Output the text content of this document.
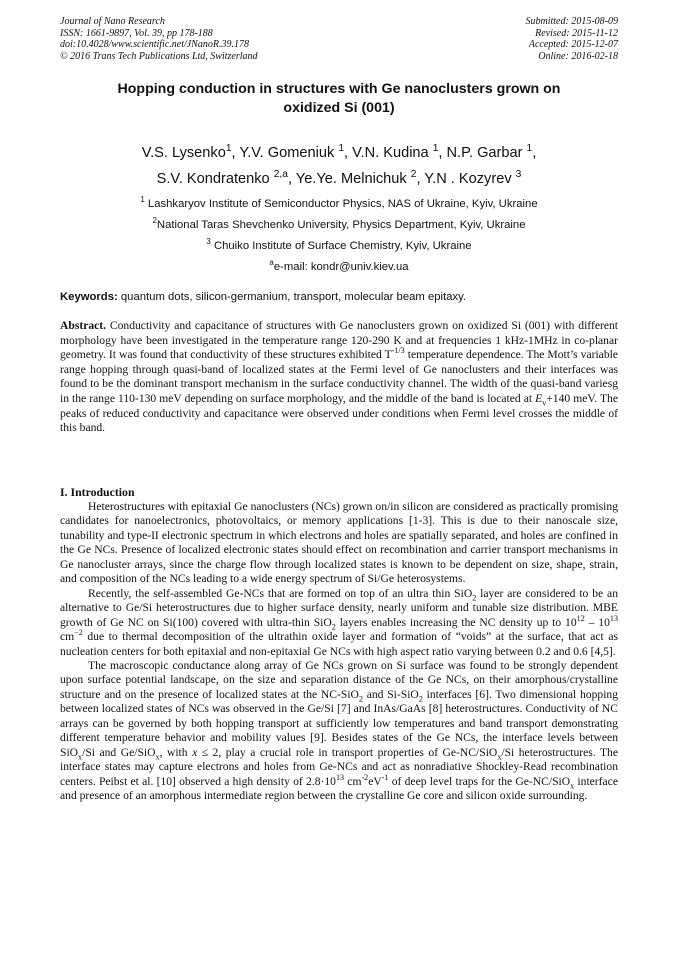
Journal of Nano Research
ISSN: 1661-9897, Vol. 39, pp 178-188
doi:10.4028/www.scientific.net/JNanoR.39.178
© 2016 Trans Tech Publications Ltd, Switzerland
Submitted: 2015-08-09
Revised: 2015-11-12
Accepted: 2015-12-07
Online: 2016-02-18
Hopping conduction in structures with Ge nanoclusters grown on
oxidized Si (001)
V.S. Lysenko$^1$, Y.V. Gomeniuk $^1$, V.N. Kudina $^1$, N.P. Garbar $^1$,
S.V. Kondratenko $^{2,a}$, Ye.Ye. Melnichuk $^2$, Y.N . Kozyrev $^3$
$^1$ Lashkaryov Institute of Semiconductor Physics, NAS of Ukraine, Kyiv, Ukraine
$^2$National Taras Shevchenko University, Physics Department, Kyiv, Ukraine
$^3$ Chuiko Institute of Surface Chemistry, Kyiv, Ukraine
$^a$e-mail: kondr@univ.kiev.ua
Keywords: quantum dots, silicon-germanium, transport, molecular beam epitaxy.
Abstract. Conductivity and capacitance of structures with Ge nanoclusters grown on oxidized Si (001) with different morphology have been investigated in the temperature range 120-290 K and at frequencies 1 kHz-1MHz in co-planar geometry. It was found that conductivity of these structures exhibited $T^{-1/3}$ temperature dependence. The Mott’s variable range hopping through quasi-band of localized states at the Fermi level of Ge nanoclusters and their interfaces was found to be the dominant transport mechanism in the surface conductivity channel. The width of the quasi-band variesg in the range 110-130 meV depending on surface morphology, and the middle of the band is located at $E_v+140$ meV. The peaks of reduced conductivity and capacitance were observed under conditions when Fermi level crosses the middle of this band.
I. Introduction

Heterostructures with epitaxial Ge nanoclusters (NCs) grown on/in silicon are considered as practically promising candidates for nanoelectronics, photovoltaics, or memory applications [1-3]. This is due to their nanoscale size, tunability and type-II electronic spectrum in which electrons and holes are spatially separated, and holes are confined in the Ge NCs. Presence of localized electronic states should effect on recombination and carrier transport mechanisms in Ge nanocluster arrays, since the charge flow through localized states is known to be dependent on size, shape, strain, and composition of the NCs leading to a wide energy spectrum of Si/Ge heterosystems.

Recently, the self-assembled Ge-NCs that are formed on top of an ultra thin SiO$_2$ layer are considered to be an alternative to Ge/Si heterostructures due to higher surface density, nearly uniform and tunable size distribution. MBE growth of Ge NC on Si(100) covered with ultra-thin SiO$_2$ layers enables increasing the NC density up to $10^{12} - 10^{13}$ $cm^{-2}$ due to thermal decomposition of the ultrathin oxide layer and formation of “voids” at the surface, that act as nucleation centers for both epitaxial and non-epitaxial Ge NCs with high aspect ratio varying between 0.2 and 0.6 [4,5].

The macroscopic conductance along array of Ge NCs grown on Si surface was found to be strongly dependent upon surface potential landscape, on the size and separation distance of the Ge NCs, on their amorphous/crystalline structure and on the presence of localized states at the NC-SiO$_2$ and Si-SiO$_2$ interfaces [6]. Two dimensional hopping between localized states of NCs was observed in the Ge/Si [7] and InAs/GaAs [8] heterostructures. Conductivity of NC arrays can be governed by both hopping transport at sufficiently low temperatures and band transport demonstrating different temperature behavior and mobility values [9]. Besides states of the Ge NCs, the interface levels between SiO$_x$/Si and Ge/SiO$_x$, with x ≤ 2, play a crucial role in transport properties of Ge-NC/SiO$_x$/Si heterostructures. The interface states may capture electrons and holes from Ge-NCs and act as nonradiative Shockley-Read recombination centers. Peibst et al. [10] observed a high density of $2.8\cdot 10^{13}$ $cm^{-2}eV^{-1}$ of deep level traps for the Ge-NC/SiO$_x$ interface and presence of an amorphous intermediate region between the crystalline Ge core and silicon oxide surrounding.
